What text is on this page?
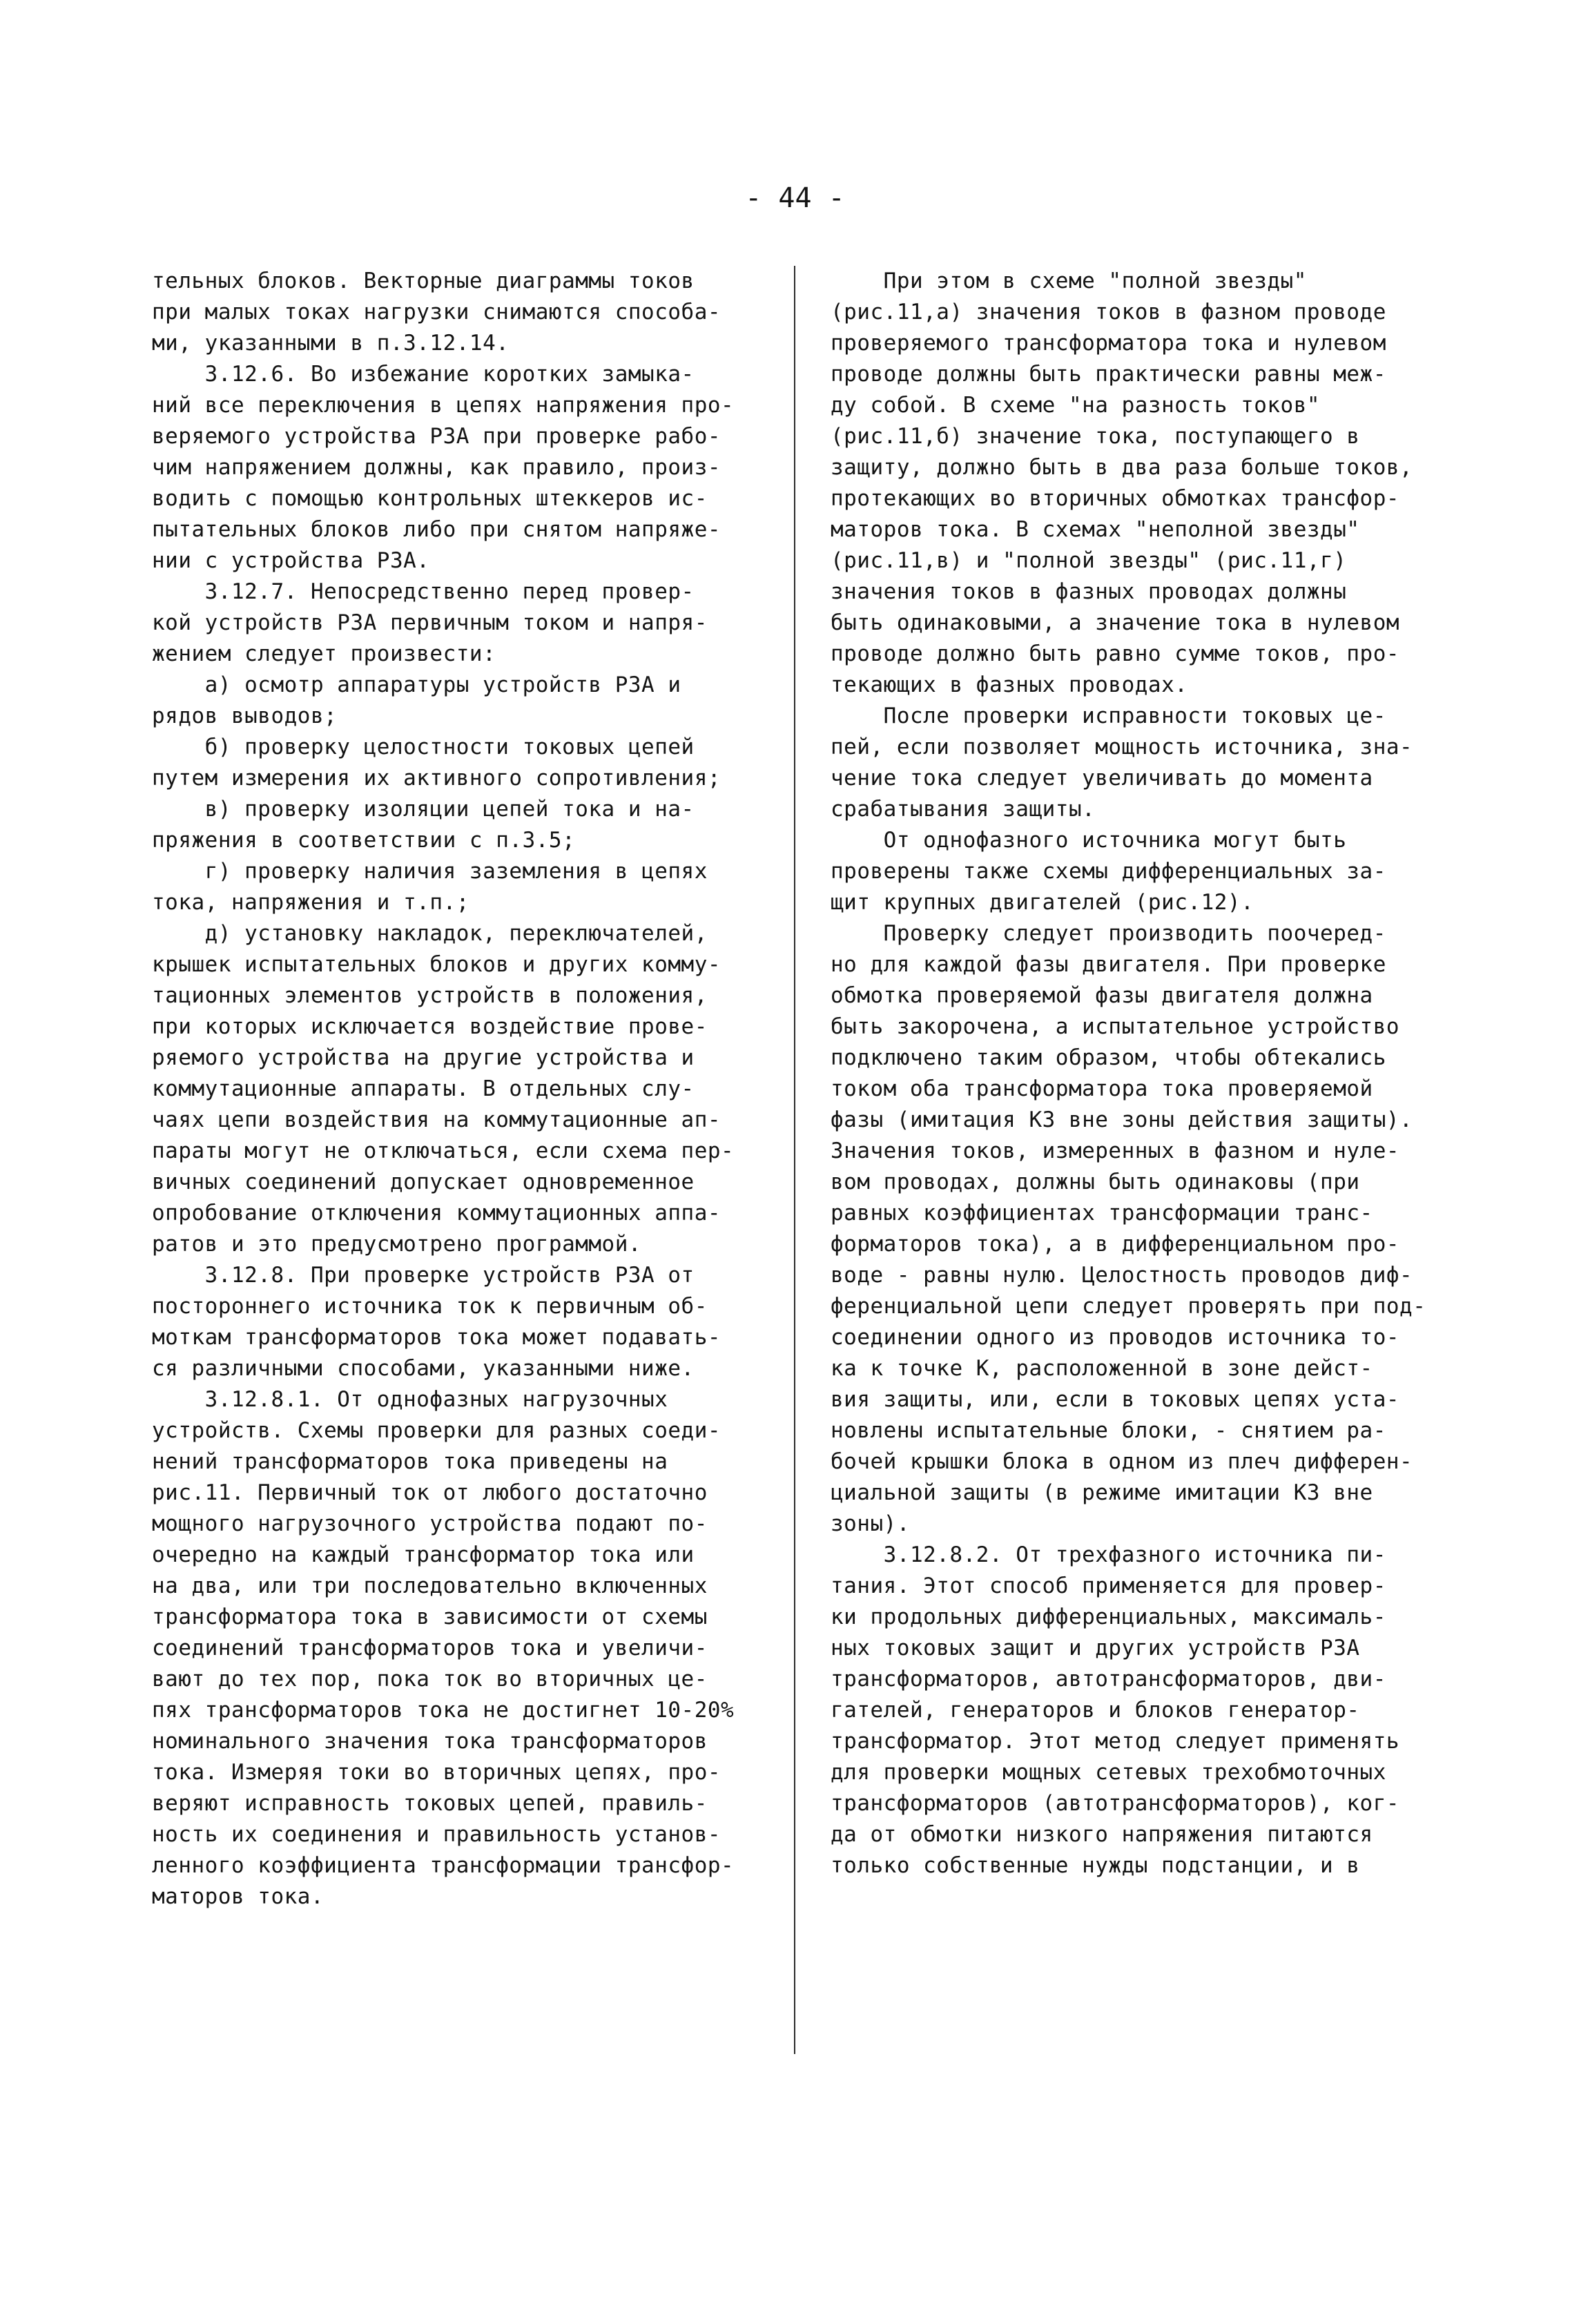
- 44 -
тельных блоков. Векторные диаграммы токов
при малых токах нагрузки снимаются способа-
ми, указанными в п.3.12.14.
3.12.6. Во избежание коротких замыка-
ний все переключения в цепях напряжения про-
веряемого устройства РЗА при проверке рабо-
чим напряжением должны, как правило, произ-
водить с помощью контрольных штеккеров ис-
пытательных блоков либо при снятом напряже-
нии с устройства РЗА.
3.12.7. Непосредственно перед провер-
кой устройств РЗА первичным током и напря-
жением следует произвести:
а) осмотр аппаратуры устройств РЗА и
рядов выводов;
б) проверку целостности токовых цепей
путем измерения их активного сопротивления;
в) проверку изоляции цепей тока и на-
пряжения в соответствии с п.3.5;
г) проверку наличия заземления в цепях
тока, напряжения и т.п.;
д) установку накладок, переключателей,
крышек испытательных блоков и других комму-
тационных элементов устройств в положения,
при которых исключается воздействие прове-
ряемого устройства на другие устройства и
коммутационные аппараты. В отдельных слу-
чаях цепи воздействия на коммутационные ап-
параты могут не отключаться, если схема пер-
вичных соединений допускает одновременное
опробование отключения коммутационных аппа-
ратов и это предусмотрено программой.
3.12.8. При проверке устройств РЗА от
постороннего источника ток к первичным об-
моткам трансформаторов тока может подавать-
ся различными способами, указанными ниже.
3.12.8.1. От однофазных нагрузочных
устройств. Схемы проверки для разных соеди-
нений трансформаторов тока приведены на
рис.11. Первичный ток от любого достаточно
мощного нагрузочного устройства подают по-
очередно на каждый трансформатор тока или
на два, или три последовательно включенных
трансформатора тока в зависимости от схемы
соединений трансформаторов тока и увеличи-
вают до тех пор, пока ток во вторичных це-
пях трансформаторов тока не достигнет 10-20%
номинального значения тока трансформаторов
тока. Измеряя токи во вторичных цепях, про-
веряют исправность токовых цепей, правиль-
ность их соединения и правильность установ-
ленного коэффициента трансформации трансфор-
маторов тока.
При этом в схеме "полной звезды"
(рис.11,а) значения токов в фазном проводе
проверяемого трансформатора тока и нулевом
проводе должны быть практически равны меж-
ду собой. В схеме "на разность токов"
(рис.11,б) значение тока, поступающего в
защиту, должно быть в два раза больше токов,
протекающих во вторичных обмотках трансфор-
маторов тока. В схемах "неполной звезды"
(рис.11,в) и "полной звезды" (рис.11,г)
значения токов в фазных проводах должны
быть одинаковыми, а значение тока в нулевом
проводе должно быть равно сумме токов, про-
текающих в фазных проводах.
После проверки исправности токовых це-
пей, если позволяет мощность источника, зна-
чение тока следует увеличивать до момента
срабатывания защиты.
От однофазного источника могут быть
проверены также схемы дифференциальных за-
щит крупных двигателей (рис.12).
Проверку следует производить поочеред-
но для каждой фазы двигателя. При проверке
обмотка проверяемой фазы двигателя должна
быть закорочена, а испытательное устройство
подключено таким образом, чтобы обтекались
током оба трансформатора тока проверяемой
фазы (имитация КЗ вне зоны действия защиты).
Значения токов, измеренных в фазном и нуле-
вом проводах, должны быть одинаковы (при
равных коэффициентах трансформации транс-
форматоров тока), а в дифференциальном про-
воде - равны нулю. Целостность проводов диф-
ференциальной цепи следует проверять при под-
соединении одного из проводов источника то-
ка к точке К, расположенной в зоне дейст-
вия защиты, или, если в токовых цепях уста-
новлены испытательные блоки, - снятием ра-
бочей крышки блока в одном из плеч дифферен-
циальной защиты (в режиме имитации КЗ вне
зоны).
3.12.8.2. От трехфазного источника пи-
тания. Этот способ применяется для провер-
ки продольных дифференциальных, максималь-
ных токовых защит и других устройств РЗА
трансформаторов, автотрансформаторов, дви-
гателей, генераторов и блоков генератор-
трансформатор. Этот метод следует применять
для проверки мощных сетевых трехобмоточных
трансформаторов (автотрансформаторов), ког-
да от обмотки низкого напряжения питаются
только собственные нужды подстанции, и в
